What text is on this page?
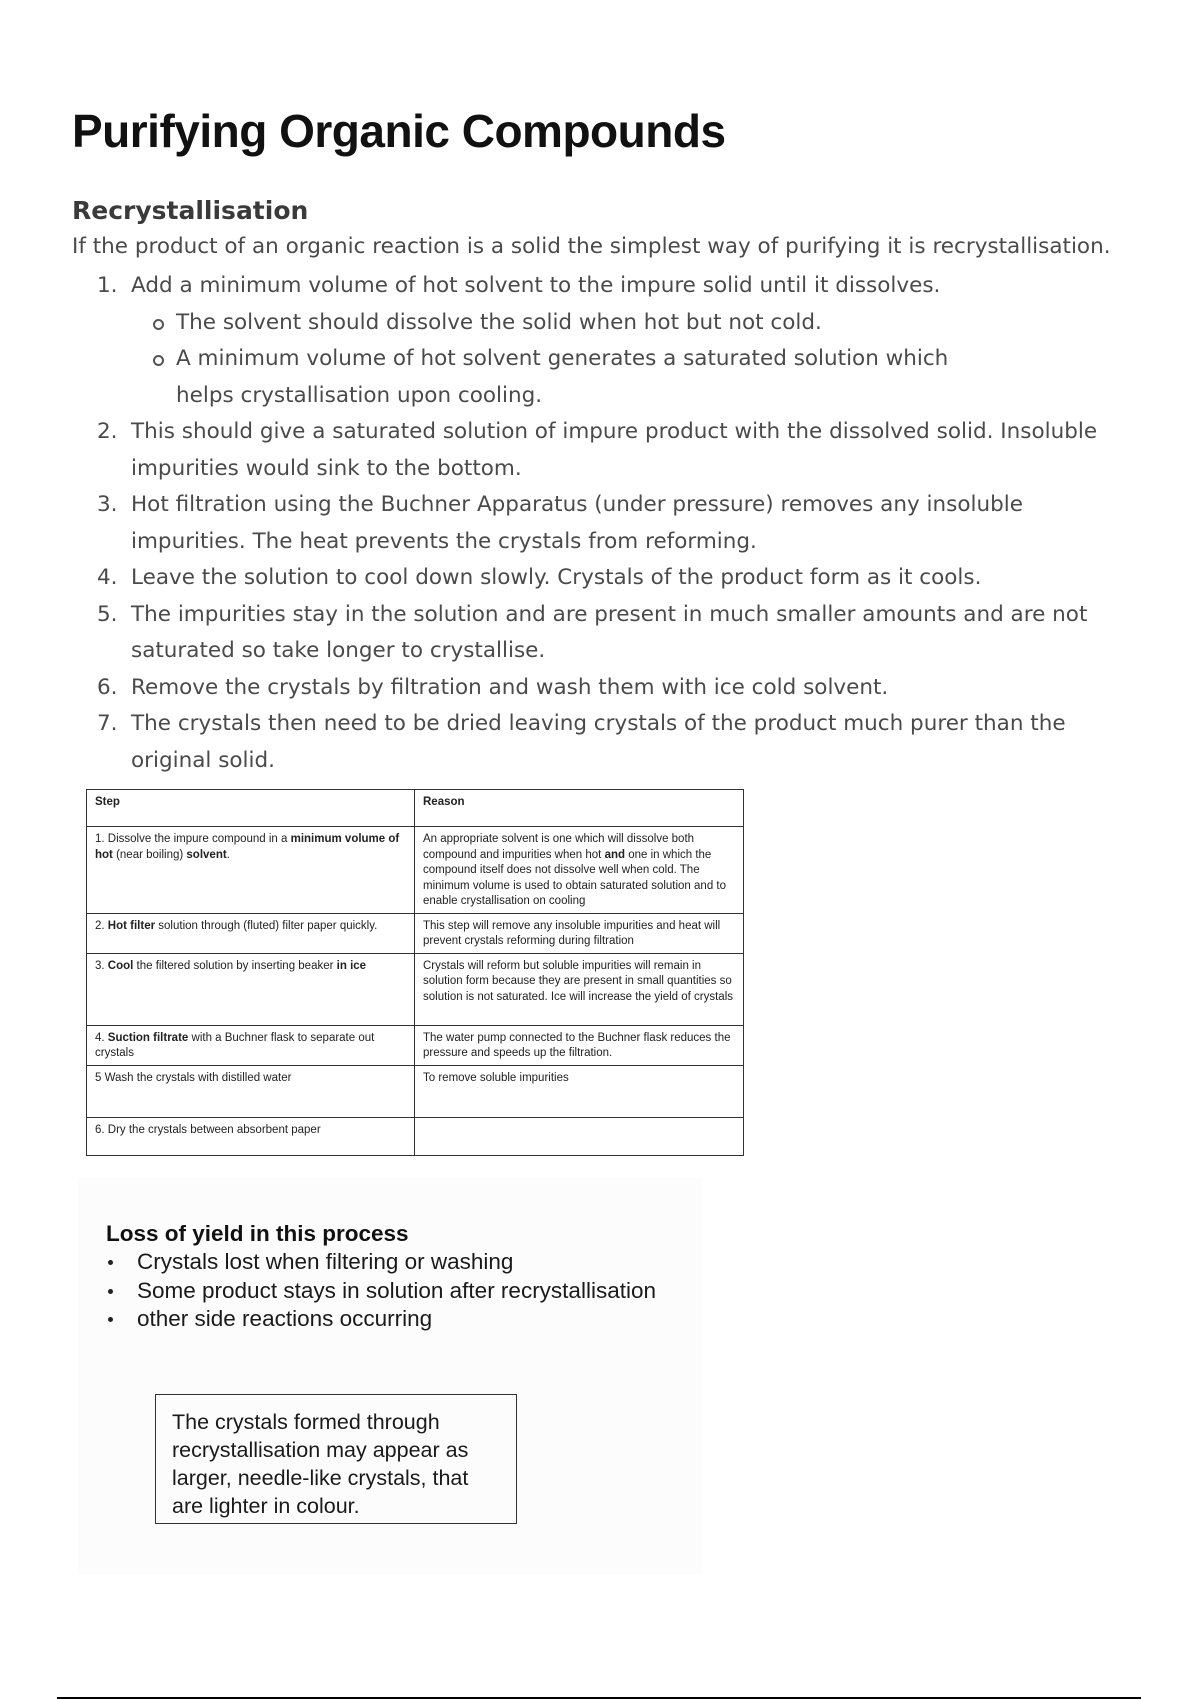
Purifying Organic Compounds
Recrystallisation

If the product of an organic reaction is a solid the simplest way of purifying it is recrystallisation.

1. Add a minimum volume of hot solvent to the impure solid until it dissolves.
The solvent should dissolve the solid when hot but not cold.
A minimum volume of hot solvent generates a saturated solution which helps crystallisation upon cooling.
2. This should give a saturated solution of impure product with the dissolved solid. Insoluble impurities would sink to the bottom.
3. Hot filtration using the Buchner Apparatus (under pressure) removes any insoluble impurities. The heat prevents the crystals from reforming.
4. Leave the solution to cool down slowly. Crystals of the product form as it cools.
5. The impurities stay in the solution and are present in much smaller amounts and are not saturated so take longer to crystallise.
6. Remove the crystals by filtration and wash them with ice cold solvent.
7. The crystals then need to be dried leaving crystals of the product much purer than the original solid.
Step	Reason
1. Dissolve the impure compound in a minimum volume of hot (near boiling) solvent.	An appropriate solvent is one which will dissolve both compound and impurities when hot and one in which the compound itself does not dissolve well when cold. The minimum volume is used to obtain saturated solution and to enable crystallisation on cooling
2. Hot filter solution through (fluted) filter paper quickly.	This step will remove any insoluble impurities and heat will prevent crystals reforming during filtration
3. Cool the filtered solution by inserting beaker in ice	Crystals will reform but soluble impurities will remain in solution form because they are present in small quantities so solution is not saturated. Ice will increase the yield of crystals
4. Suction filtrate with a Buchner flask to separate out crystals	The water pump connected to the Buchner flask reduces the pressure and speeds up the filtration.
5 Wash the crystals with distilled water	To remove soluble impurities
6. Dry the crystals between absorbent paper	

Loss of yield in this process

Crystals lost when filtering or washing
Some product stays in solution after recrystallisation
other side reactions occurring
The crystals formed through recrystallisation may appear as larger, needle-like crystals, that are lighter in colour.
